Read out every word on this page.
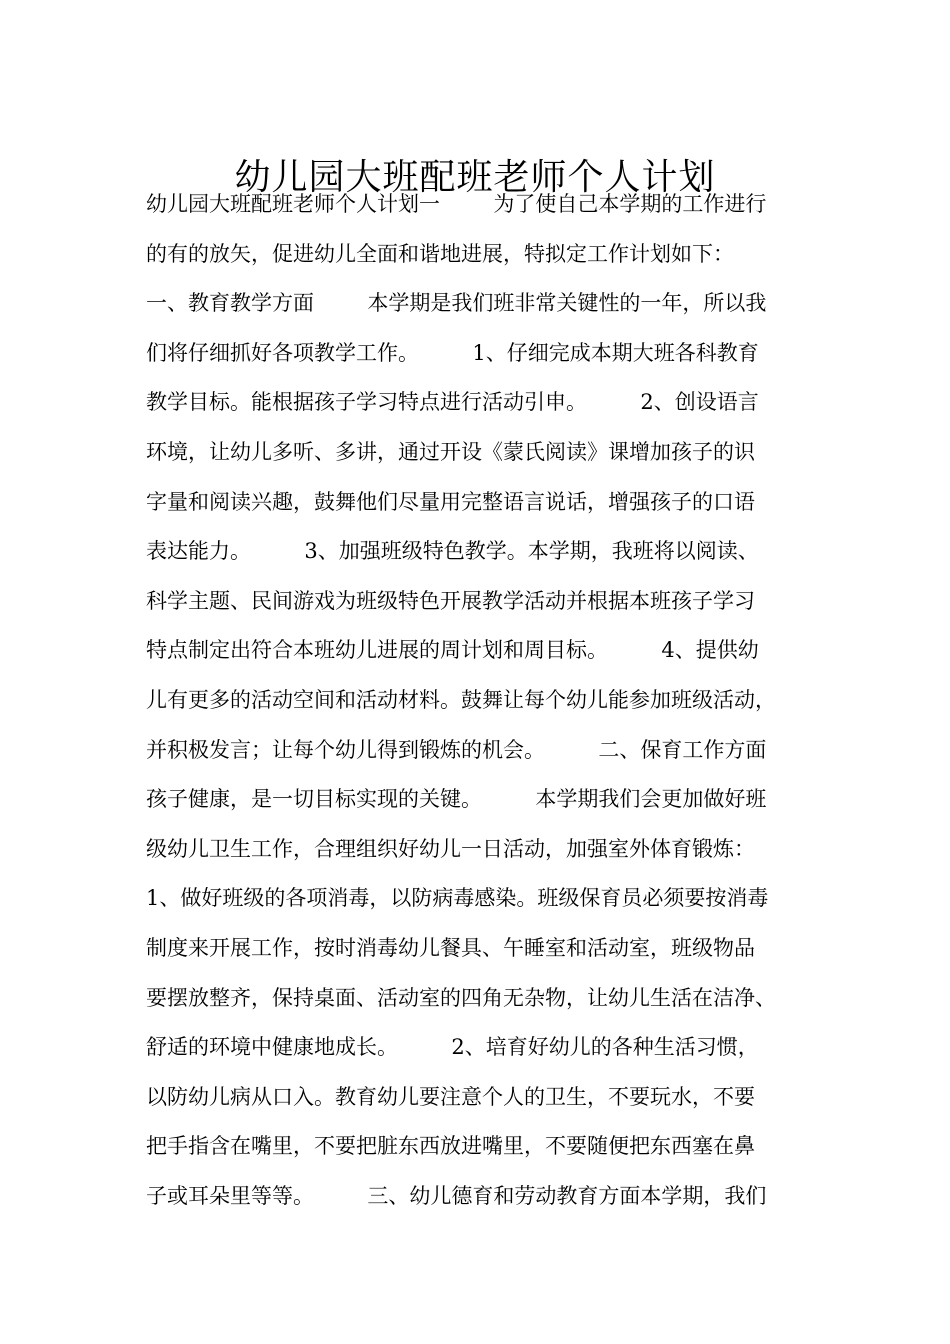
幼儿园大班配班老师个人计划
幼儿园大班配班老师个人计划一        为了使自己本学期的工作进行
的有的放矢，促进幼儿全面和谐地进展，特拟定工作计划如下：
一、教育教学方面        本学期是我们班非常关键性的一年，所以我
们将仔细抓好各项教学工作。        1、仔细完成本期大班各科教育
教学目标。能根据孩子学习特点进行活动引申。        2、创设语言
环境，让幼儿多听、多讲，通过开设《蒙氏阅读》课增加孩子的识
字量和阅读兴趣，鼓舞他们尽量用完整语言说话，增强孩子的口语
表达能力。        3、加强班级特色教学。本学期，我班将以阅读、
科学主题、民间游戏为班级特色开展教学活动并根据本班孩子学习
特点制定出符合本班幼儿进展的周计划和周目标。        4、提供幼
儿有更多的活动空间和活动材料。鼓舞让每个幼儿能参加班级活动，
并积极发言；让每个幼儿得到锻炼的机会。        二、保育工作方面
孩子健康，是一切目标实现的关键。        本学期我们会更加做好班
级幼儿卫生工作，合理组织好幼儿一日活动，加强室外体育锻炼：
1、做好班级的各项消毒，以防病毒感染。班级保育员必须要按消毒
制度来开展工作，按时消毒幼儿餐具、午睡室和活动室，班级物品
要摆放整齐，保持桌面、活动室的四角无杂物，让幼儿生活在洁净、
舒适的环境中健康地成长。        2、培育好幼儿的各种生活习惯，
以防幼儿病从口入。教育幼儿要注意个人的卫生，不要玩水，不要
把手指含在嘴里，不要把脏东西放进嘴里，不要随便把东西塞在鼻
子或耳朵里等等。        三、幼儿德育和劳动教育方面本学期，我们
